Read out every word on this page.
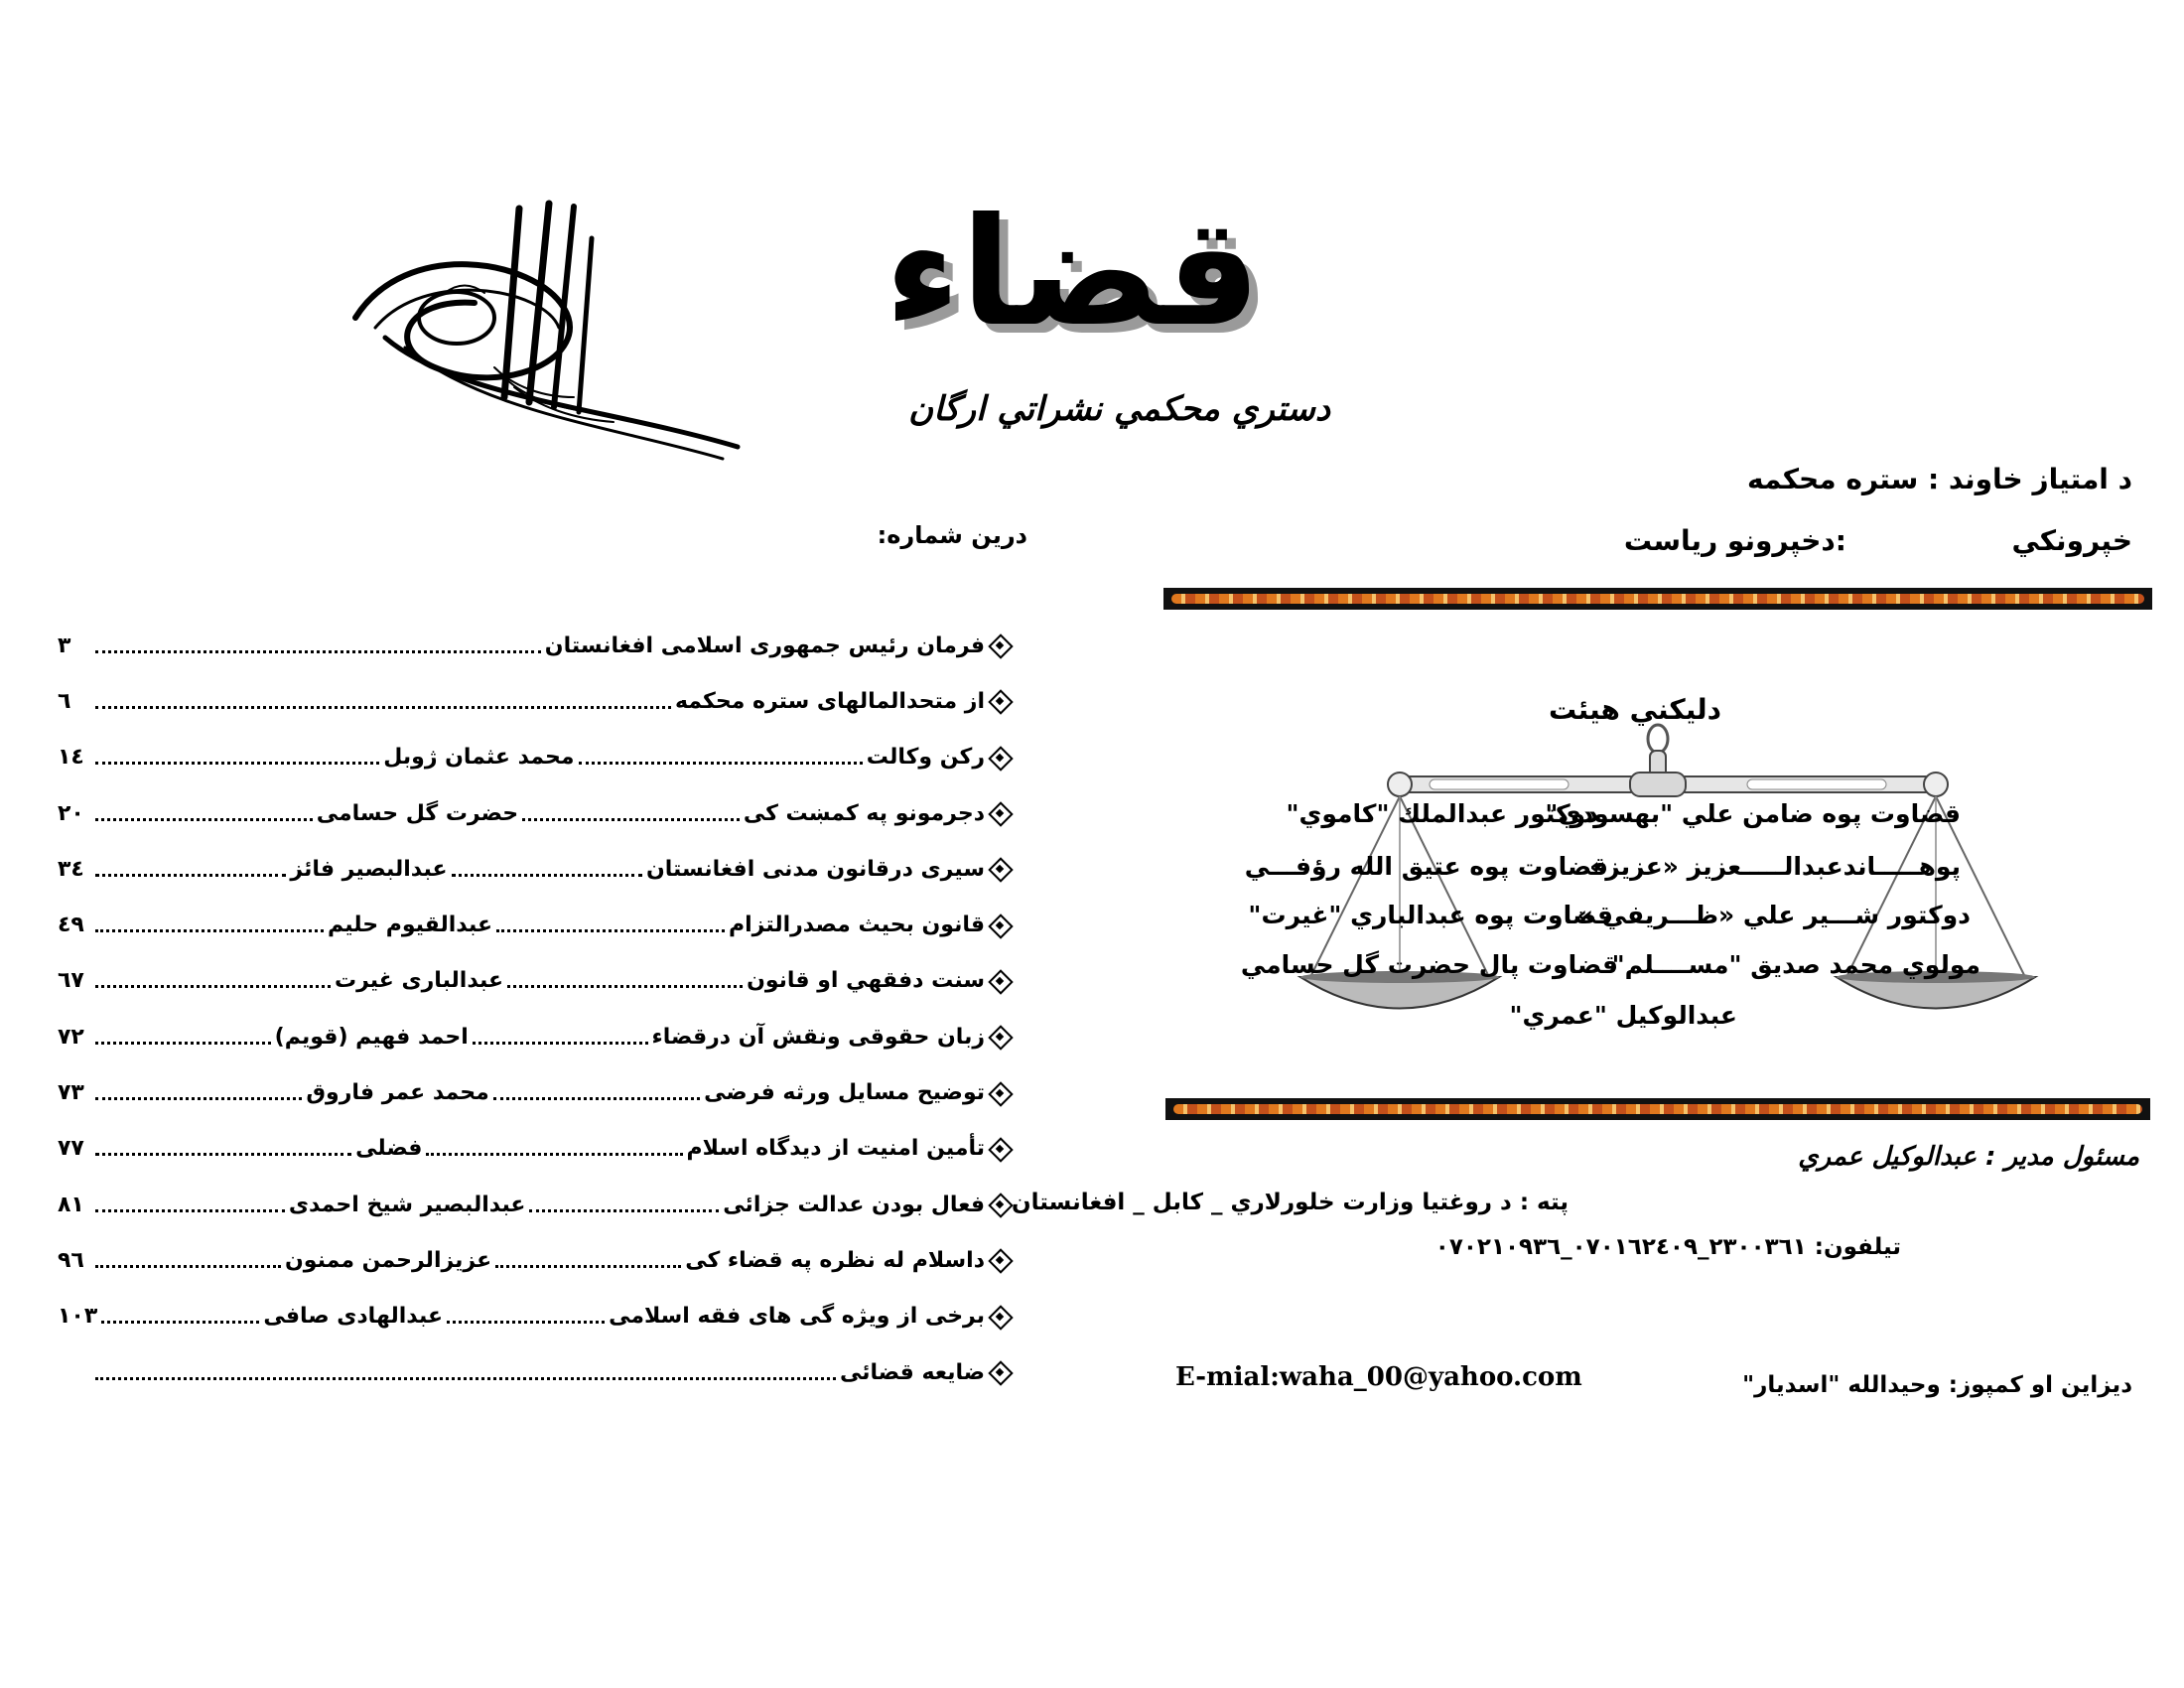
قضاء
دستري محكمي نشراتي ارگان
د امتياز خاوند : ستره محكمه
خپرونكي
:دخپرونو رياست
دليكني هيئت
قضاوت پوه ضامن علي "بهسودي"
دوكتور عبدالملك "كاموي"
پوهـــــاندعبدالـــــعزيز «عزيز»
قضاوت پوه عتيق الله رؤفـــي
دوكتور شـــير علي «ظـــريفي »
قضاوت پوه عبدالباري "غيرت"
مولوي محمد صديق "مســــلم"
قضاوت پال حضرت گل حسامي
عبدالوكيل "عمري"
مسئول مدير : عبدالوكيل عمري
پته : د روغتيا وزارت خلورلاري _ كابل _ افغانستان
تيلفون: ٢٣٠٠٣٦١_٠٧٠١٦٢٤٠٩_٠٧٠٢١٠٩٣٦
E-mial:waha_00@yahoo.com	ديزاين او كمپوز: وحيدالله "اسديار"
درين شماره:
فرمان رئيس جمهوری اسلامی افغانستان
٣
از متحدالمالهای ستره محكمه
٦
ركن وكالت
محمد عثمان ژوبل
١٤
دجرمونو په كمښت كی
حضرت گل حسامی
٢٠
سيری درقانون مدنی افغانستان
عبدالبصير فائز
٣٤
قانون بحيث مصدرالتزام
عبدالقيوم حليم
٤٩
سنت دفقهي او قانون
عبدالباری غيرت
٦٧
زبان حقوقی ونقش آن درقضاء
احمد فهيم (قويم)
٧٢
توضيح مسايل ورثه فرضی
محمد عمر فاروق
٧٣
تأمين امنيت از ديدگاه اسلام
فضلی
٧٧
فعال بودن عدالت جزائی
عبدالبصير شيخ احمدی
٨١
داسلام له نظره په قضاء كی
عزيزالرحمن ممنون
٩٦
برخی از ويژه گی های فقه اسلامی
عبدالهادی صافی
١٠٣
ضايعه قضائی
